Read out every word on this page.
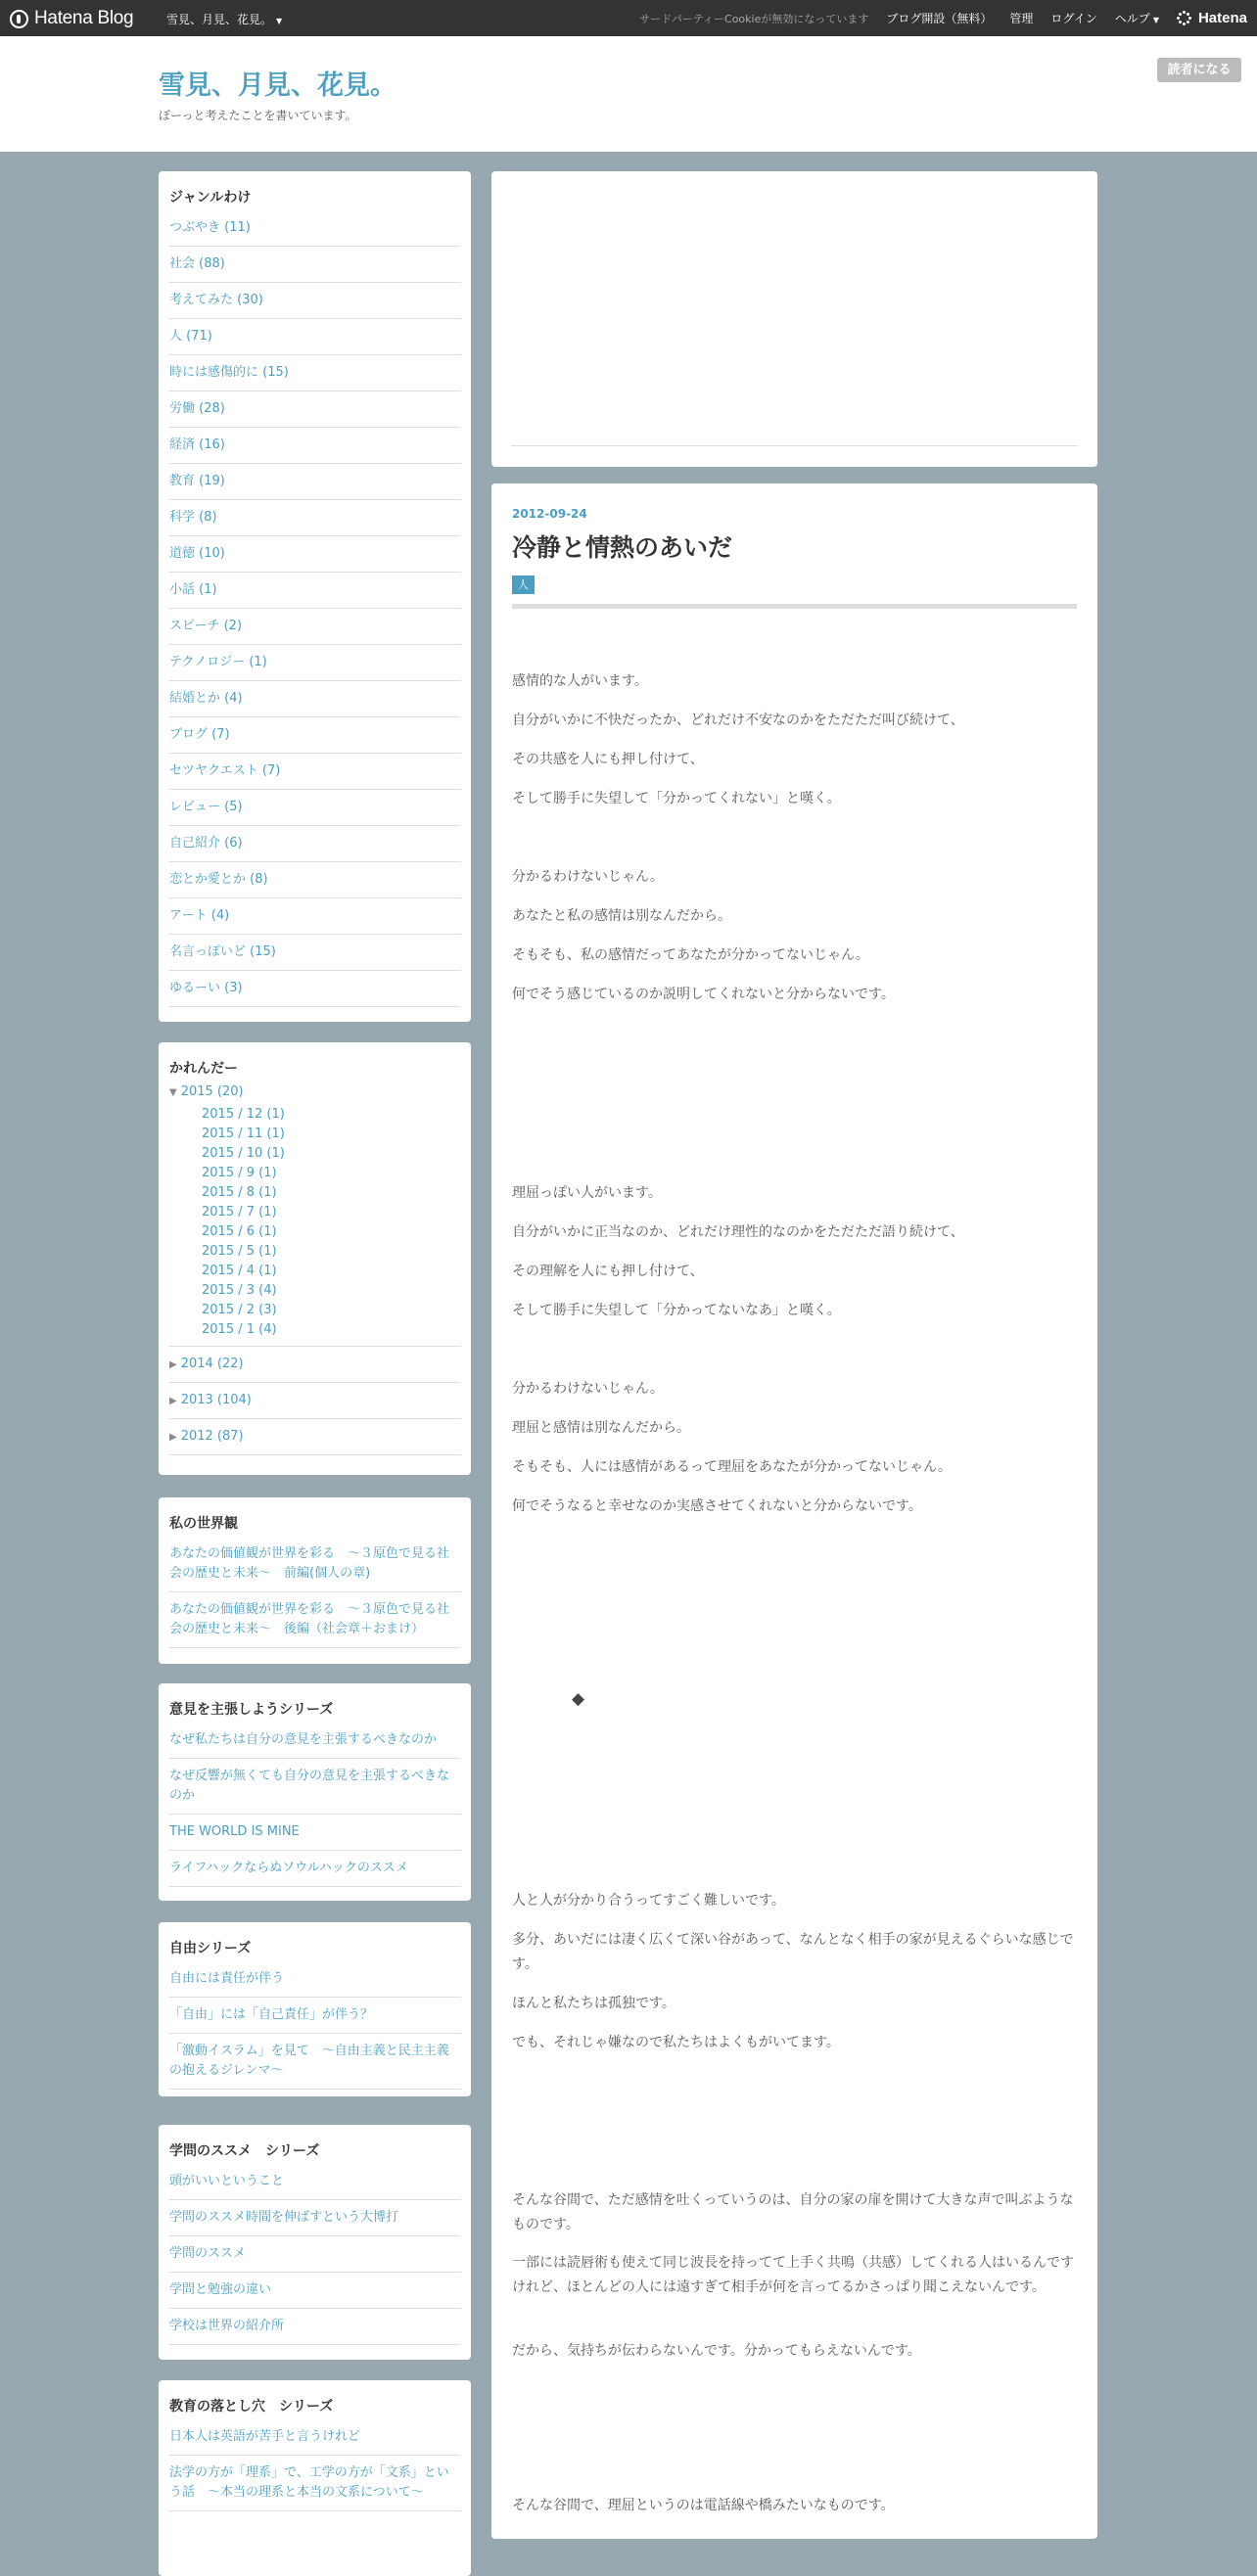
Hatena Blog	雪見、月見、花見。 ▼	サードパーティーCookieが無効になっています ブログ開設（無料） 管理 ログイン ヘルプ ▼	Hatena
雪見、月見、花見。
ぼーっと考えたことを書いています。
読者になる
ジャンルわけ
つぶやき (11)
社会 (88)
考えてみた (30)
人 (71)
時には感傷的に (15)
労働 (28)
経済 (16)
教育 (19)
科学 (8)
道徳 (10)
小話 (1)
スピーチ (2)
テクノロジー (1)
結婚とか (4)
ブログ (7)
セツヤクエスト (7)
レビュー (5)
自己紹介 (6)
恋とか愛とか (8)
アート (4)
名言っぽいど (15)
ゆるーい (3)
かれんだー
▼ 2015 (20)
2015 / 12 (1)
2015 / 11 (1)
2015 / 10 (1)
2015 / 9 (1)
2015 / 8 (1)
2015 / 7 (1)
2015 / 6 (1)
2015 / 5 (1)
2015 / 4 (1)
2015 / 3 (4)
2015 / 2 (3)
2015 / 1 (4)
▶ 2014 (22)
▶ 2013 (104)
▶ 2012 (87)
私の世界観
あなたの価値観が世界を彩る　～３原色で見る社会の歴史と未来～　前編(個人の章)
あなたの価値観が世界を彩る　～３原色で見る社会の歴史と未来～　後編（社会章＋おまけ）
意見を主張しようシリーズ
なぜ私たちは自分の意見を主張するべきなのか
なぜ反響が無くても自分の意見を主張するべきなのか
THE WORLD IS MINE
ライフハックならぬソウルハックのススメ
自由シリーズ
自由には責任が伴う
「自由」には「自己責任」が伴う？
「激動イスラム」を見て　～自由主義と民主主義の抱えるジレンマ～
学問のススメ　シリーズ
頭がいいということ
学問のススメ時間を伸ばすという大博打
学問のススメ
学問と勉強の違い
学校は世界の紹介所
教育の落とし穴　シリーズ
日本人は英語が苦手と言うけれど
法学の方が「理系」で、工学の方が「文系」という話　～本当の理系と本当の文系について～
2012-09-24
冷静と情熱のあいだ
人
感情的な人がいます。
自分がいかに不快だったか、どれだけ不安なのかをただただ叫び続けて、
その共感を人にも押し付けて、
そして勝手に失望して「分かってくれない」と嘆く。
分かるわけないじゃん。
あなたと私の感情は別なんだから。
そもそも、私の感情だってあなたが分かってないじゃん。
何でそう感じているのか説明してくれないと分からないです。
理屈っぽい人がいます。
自分がいかに正当なのか、どれだけ理性的なのかをただただ語り続けて、
その理解を人にも押し付けて、
そして勝手に失望して「分かってないなあ」と嘆く。
分かるわけないじゃん。
理屈と感情は別なんだから。
そもそも、人には感情があるって理屈をあなたが分かってないじゃん。
何でそうなると幸せなのか実感させてくれないと分からないです。
◆
人と人が分かり合うってすごく難しいです。
多分、あいだには凄く広くて深い谷があって、なんとなく相手の家が見えるぐらいな感じです。
ほんと私たちは孤独です。
でも、それじゃ嫌なので私たちはよくもがいてます。
そんな谷間で、ただ感情を吐くっていうのは、自分の家の扉を開けて大きな声で叫ぶようなものです。
一部には読唇術も使えて同じ波長を持ってて上手く共鳴（共感）してくれる人はいるんですけれど、ほとんどの人には遠すぎて相手が何を言ってるかさっぱり聞こえないんです。
だから、気持ちが伝わらないんです。分かってもらえないんです。
そんな谷間で、理屈というのは電話線や橋みたいなものです。
